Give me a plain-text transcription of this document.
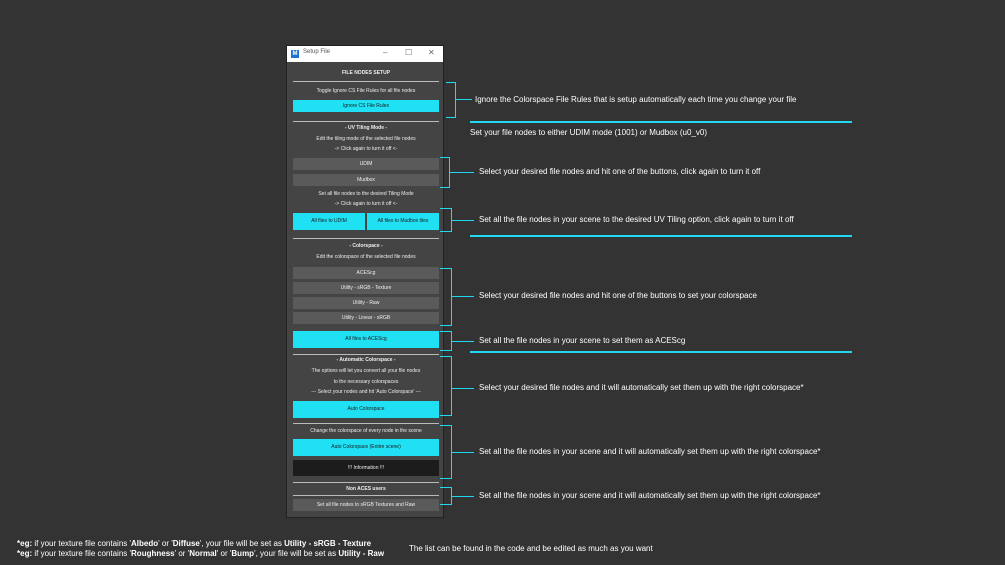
M Setup File	– ☐ ✕
FILE NODES SETUP
Toggle Ignore CS File Rules for all file nodes
Ignore CS File Rules
- UV Tiling Mode -
Edit the tiling mode of the selected file nodes
-> Click again to turn it off <-
UDIM
Mudbox
Set all file nodes to the desired Tiling Mode
-> Click again to turn it off <-
All files to UDIM	All files to Mudbox tiles
- Colorspace -
Edit the colorspace of the selected file nodes
ACEScg
Utility - sRGB - Texture
Utility - Raw
Utility - Linear - sRGB
All files to ACEScg
- Automatic Colorspace -
The options will let you convert all your file nodes
to the necessary colorspaces
--- Select your nodes and hit 'Auto Colorspace' ---
Auto Colorspace
Change the colorspace of every node in the scene
Auto Colorspace (Entire scene)
!!! Information !!!
Non ACES users
Set all file nodes to sRGB Textures and Raw
Ignore the Colorspace File Rules that is setup automatically each time you change your file
Set your file nodes to either UDIM mode (1001) or Mudbox (u0_v0)
Select your desired file nodes and hit one of the buttons, click again to turn it off
Set all the file nodes in your scene to the desired UV Tiling option, click again to turn it off
Select your desired file nodes and hit one of the buttons to set your colorspace
Set all the file nodes in your scene to set them as ACEScg
Select your desired file nodes and it will automatically set them up with the right colorspace*
Set all the file nodes in your scene and it will automatically set them up with the right colorspace*
Set all the file nodes in your scene and it will automatically set them up with the right colorspace*
*eg: if your texture file contains 'Albedo' or 'Diffuse', your file will be set as Utility - sRGB - Texture
*eg: if your texture file contains 'Roughness' or 'Normal' or 'Bump', your file will be set as Utility - Raw
The list can be found in the code and be edited as much as you want
